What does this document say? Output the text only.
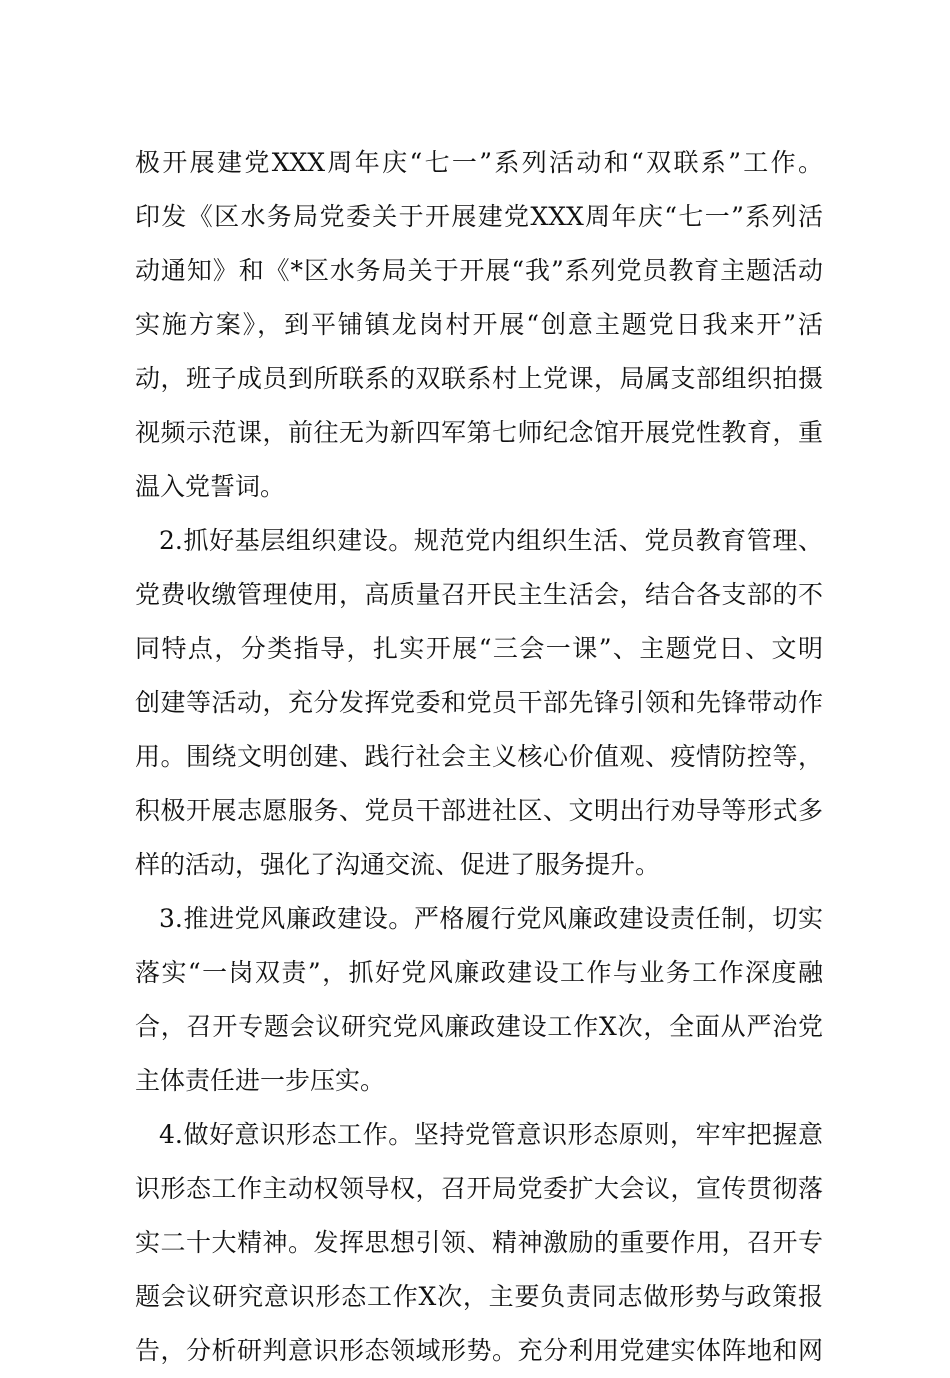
极开展建党XXX周年庆“七一”系列活动和“双联系”工作。
印发《区水务局党委关于开展建党XXX周年庆“七一”系列活
动通知》和《*区水务局关于开展“我”系列党员教育主题活动
实施方案》，到平铺镇龙岗村开展“创意主题党日我来开”活
动，班子成员到所联系的双联系村上党课，局属支部组织拍摄
视频示范课，前往无为新四军第七师纪念馆开展党性教育，重
温入党誓词。
2.抓好基层组织建设。规范党内组织生活、党员教育管理、
党费收缴管理使用，高质量召开民主生活会，结合各支部的不
同特点，分类指导，扎实开展“三会一课”、主题党日、文明
创建等活动，充分发挥党委和党员干部先锋引领和先锋带动作
用。围绕文明创建、践行社会主义核心价值观、疫情防控等，
积极开展志愿服务、党员干部进社区、文明出行劝导等形式多
样的活动，强化了沟通交流、促进了服务提升。
3.推进党风廉政建设。严格履行党风廉政建设责任制，切实
落实“一岗双责”，抓好党风廉政建设工作与业务工作深度融
合，召开专题会议研究党风廉政建设工作X次，全面从严治党
主体责任进一步压实。
4.做好意识形态工作。坚持党管意识形态原则，牢牢把握意
识形态工作主动权领导权，召开局党委扩大会议，宣传贯彻落
实二十大精神。发挥思想引领、精神激励的重要作用，召开专
题会议研究意识形态工作X次，主要负责同志做形势与政策报
告，分析研判意识形态领域形势。充分利用党建实体阵地和网
